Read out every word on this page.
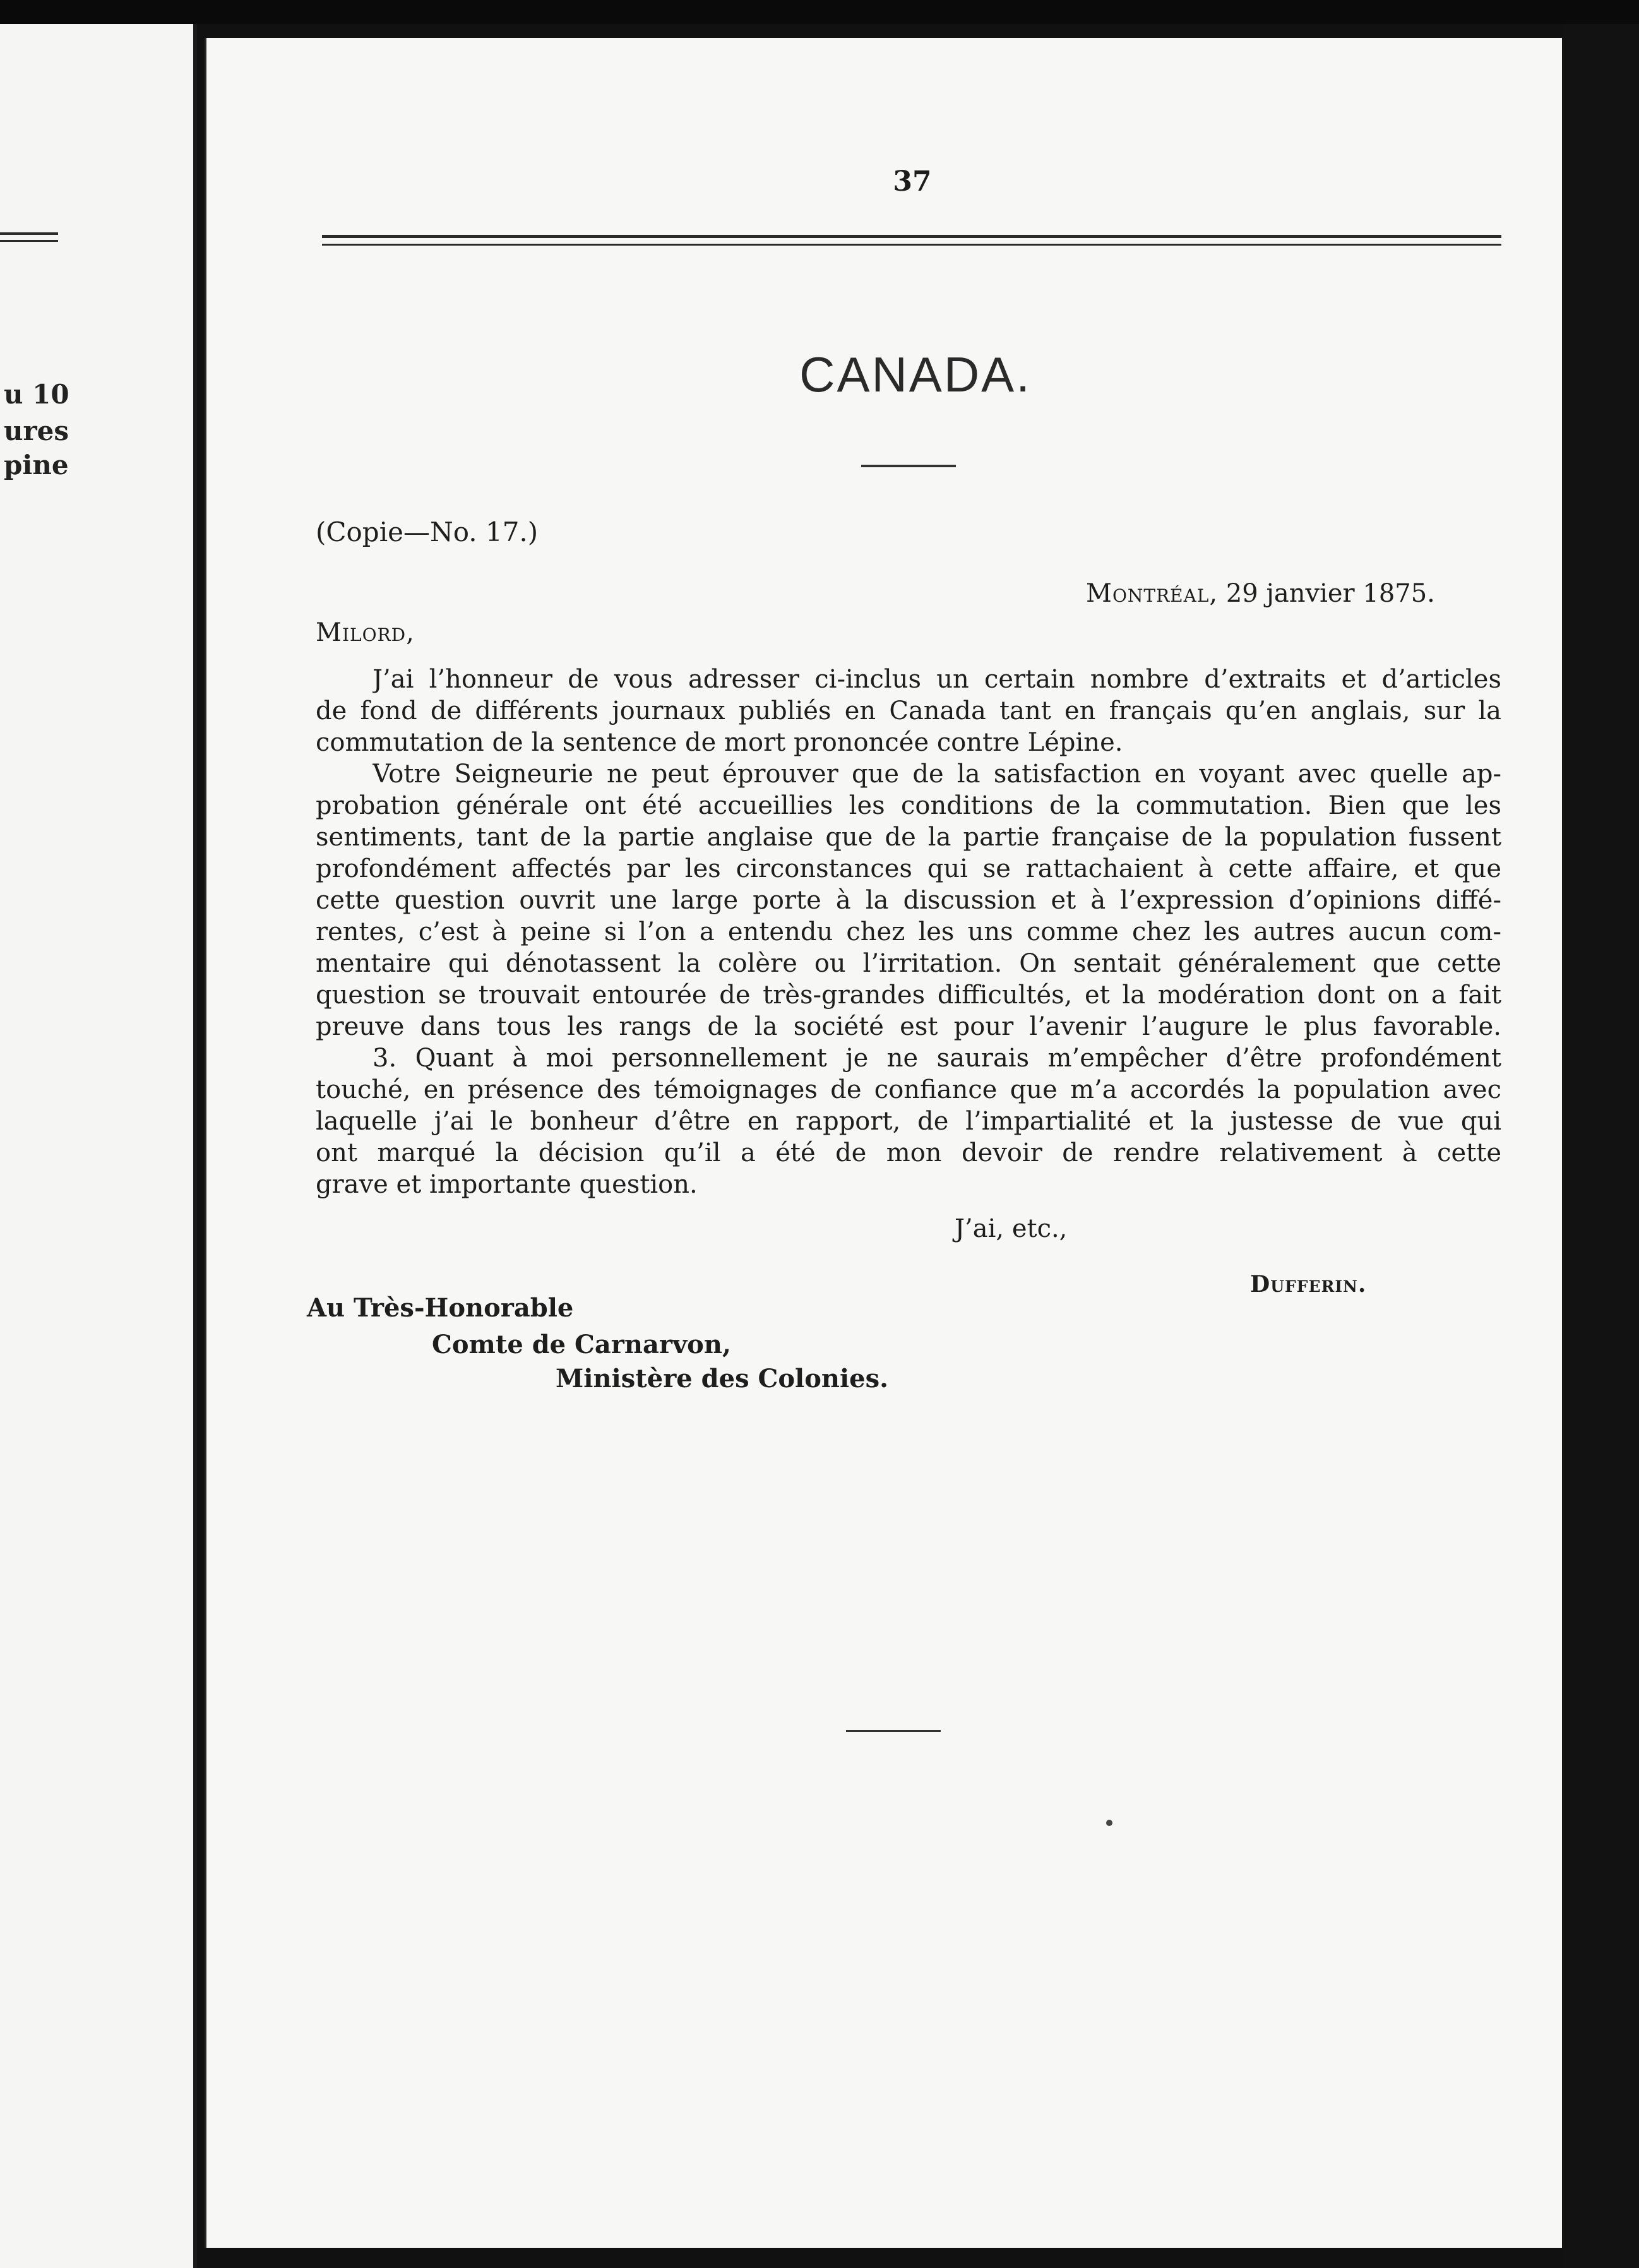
u 10
ures
pine
37
CANADA.
(Copie—No. 17.)
Montréal, 29 janvier 1875.
Milord,
J’ai l’honneur de vous adresser ci-inclus un certain nombre d’extraits et d’articles
de fond de différents journaux publiés en Canada tant en français qu’en anglais, sur la
commutation de la sentence de mort prononcée contre Lépine.
Votre Seigneurie ne peut éprouver que de la satisfaction en voyant avec quelle ap-
probation générale ont été accueillies les conditions de la commutation. Bien que les
sentiments, tant de la partie anglaise que de la partie française de la population fussent
profondément affectés par les circonstances qui se rattachaient à cette affaire, et que
cette question ouvrit une large porte à la discussion et à l’expression d’opinions diffé-
rentes, c’est à peine si l’on a entendu chez les uns comme chez les autres aucun com-
mentaire qui dénotassent la colère ou l’irritation. On sentait généralement que cette
question se trouvait entourée de très-grandes difficultés, et la modération dont on a fait
preuve dans tous les rangs de la société est pour l’avenir l’augure le plus favorable.
3. Quant à moi personnellement je ne saurais m’empêcher d’être profondément
touché, en présence des témoignages de confiance que m’a accordés la population avec
laquelle j’ai le bonheur d’être en rapport, de l’impartialité et la justesse de vue qui
ont marqué la décision qu’il a été de mon devoir de rendre relativement à cette
grave et importante question.
J’ai, etc.,
Dufferin.
Au Très-Honorable
Comte de Carnarvon,
Ministère des Colonies.
